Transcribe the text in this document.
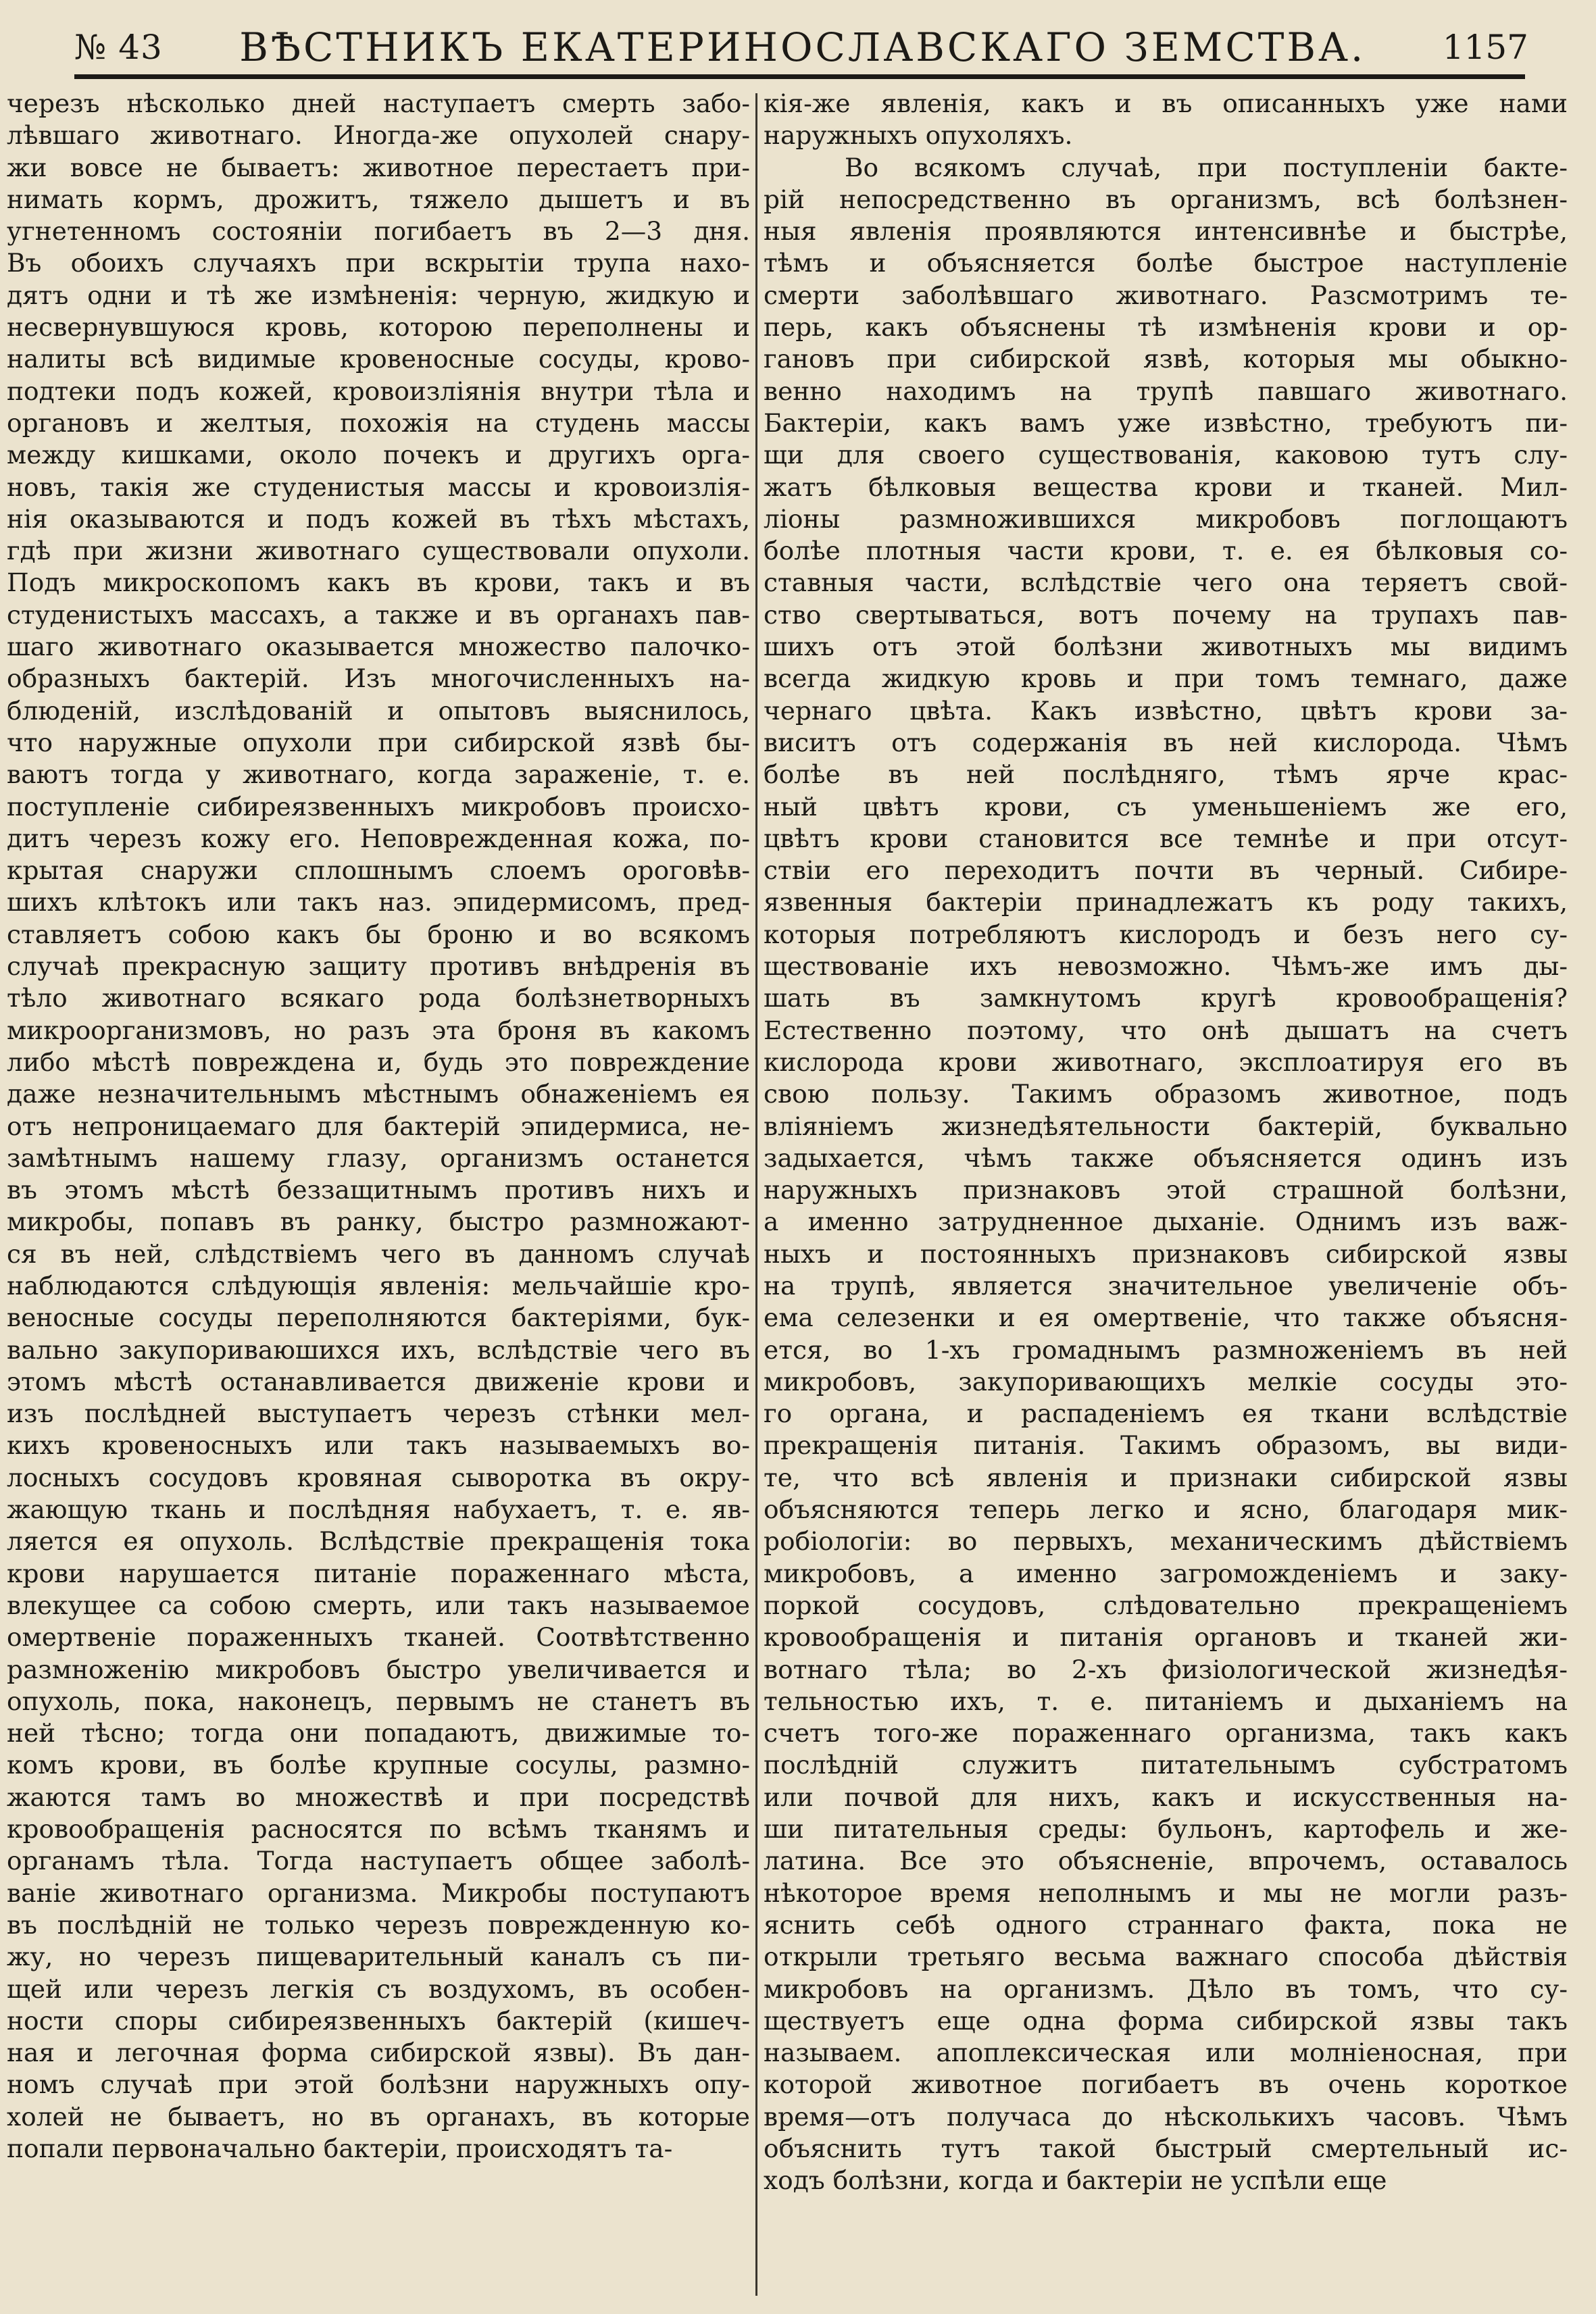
№ 43 ВѢСТНИКЪ ЕКАТЕРИНОСЛАВСКАГО ЗЕМСТВА. 1157
черезъ нѣсколько дней наступаетъ смерть забо-
лѣвшаго животнаго. Иногда-же опухолей снару-
жи вовсе не бываетъ: животное перестаетъ при-
нимать кормъ, дрожитъ, тяжело дышетъ и въ
угнетенномъ состояніи погибаетъ въ 2—3 дня.
Въ обоихъ случаяхъ при вскрытіи трупа нахо-
дятъ одни и тѣ же измѣненія: черную, жидкую и
несвернувшуюся кровь, которою переполнены и
налиты всѣ видимые кровеносные сосуды, крово-
подтеки подъ кожей, кровоизліянія внутри тѣла и
органовъ и желтыя, похожія на студень массы
между кишками, около почекъ и другихъ орга-
новъ, такія же студенистыя массы и кровоизлія-
нія оказываются и подъ кожей въ тѣхъ мѣстахъ,
гдѣ при жизни животнаго существовали опухоли.
Подъ микроскопомъ какъ въ крови, такъ и въ
студенистыхъ массахъ, а также и въ органахъ пав-
шаго животнаго оказывается множество палочко-
образныхъ бактерій. Изъ многочисленныхъ на-
блюденій, изслѣдованій и опытовъ выяснилось,
что наружные опухоли при сибирской язвѣ бы-
ваютъ тогда у животнаго, когда зараженіе, т. е.
поступленіе сибиреязвенныхъ микробовъ происхо-
дитъ черезъ кожу его. Неповрежденная кожа, по-
крытая снаружи сплошнымъ слоемъ ороговѣв-
шихъ клѣтокъ или такъ наз. эпидермисомъ, пред-
ставляетъ собою какъ бы броню и во всякомъ
случаѣ прекрасную защиту противъ внѣдренія въ
тѣло животнаго всякаго рода болѣзнетворныхъ
микроорганизмовъ, но разъ эта броня въ какомъ
либо мѣстѣ повреждена и, будь это повреждение
даже незначительнымъ мѣстнымъ обнаженіемъ ея
отъ непроницаемаго для бактерій эпидермиса, не-
замѣтнымъ нашему глазу, организмъ останется
въ этомъ мѣстѣ беззащитнымъ противъ нихъ и
микробы, попавъ въ ранку, быстро размножают-
ся въ ней, слѣдствіемъ чего въ данномъ случаѣ
наблюдаются слѣдующія явленія: мельчайшіе кро-
веносные сосуды переполняются бактеріями, бук-
вально закупориваюшихся ихъ, вслѣдствіе чего въ
этомъ мѣстѣ останавливается движеніе крови и
изъ послѣдней выступаетъ черезъ стѣнки мел-
кихъ кровеносныхъ или такъ называемыхъ во-
лосныхъ сосудовъ кровяная сыворотка въ окру-
жающую ткань и послѣдняя набухаетъ, т. е. яв-
ляется ея опухоль. Вслѣдствіе прекращенія тока
крови нарушается питаніе пораженнаго мѣста,
влекущее са собою смерть, или такъ называемое
омертвеніе пораженныхъ тканей. Соотвѣтственно
размноженію микробовъ быстро увеличивается и
опухоль, пока, наконецъ, первымъ не станетъ въ
ней тѣсно; тогда они попадаютъ, движимые то-
комъ крови, въ болѣе крупные сосулы, размно-
жаются тамъ во множествѣ и при посредствѣ
кровообращенія расносятся по всѣмъ тканямъ и
органамъ тѣла. Тогда наступаетъ общее заболѣ-
ваніе животнаго организма. Микробы поступаютъ
въ послѣдній не только черезъ поврежденную ко-
жу, но черезъ пищеварительный каналъ съ пи-
щей или черезъ легкія съ воздухомъ, въ особен-
ности споры сибиреязвенныхъ бактерій (кишеч-
ная и легочная форма сибирской язвы). Въ дан-
номъ случаѣ при этой болѣзни наружныхъ опу-
холей не бываетъ, но въ органахъ, въ которые
попали первоначально бактеріи, происходятъ та-
кія-же явленія, какъ и въ описанныхъ уже нами
наружныхъ опухоляхъ.
Во всякомъ случаѣ, при поступленіи бакте-
рій непосредственно въ организмъ, всѣ болѣзнен-
ныя явленія проявляются интенсивнѣе и быстрѣе,
тѣмъ и объясняется болѣе быстрое наступленіе
смерти заболѣвшаго животнаго. Разсмотримъ те-
перь, какъ объяснены тѣ измѣненія крови и ор-
гановъ при сибирской язвѣ, которыя мы обыкно-
венно находимъ на трупѣ павшаго животнаго.
Бактеріи, какъ вамъ уже извѣстно, требуютъ пи-
щи для своего существованія, каковою тутъ слу-
жатъ бѣлковыя вещества крови и тканей. Мил-
ліоны размножившихся микробовъ поглощаютъ
болѣе плотныя части крови, т. е. ея бѣлковыя со-
ставныя части, вслѣдствіе чего она теряетъ свой-
ство свертываться, вотъ почему на трупахъ пав-
шихъ отъ этой болѣзни животныхъ мы видимъ
всегда жидкую кровь и при томъ темнаго, даже
чернаго цвѣта. Какъ извѣстно, цвѣтъ крови за-
виситъ отъ содержанія въ ней кислорода. Чѣмъ
болѣе въ ней послѣдняго, тѣмъ ярче крас-
ный цвѣтъ крови, съ уменьшеніемъ же его,
цвѣтъ крови становится все темнѣе и при отсут-
ствіи его переходитъ почти въ черный. Сибире-
язвенныя бактеріи принадлежатъ къ роду такихъ,
которыя потребляютъ кислородъ и безъ него су-
ществованіе ихъ невозможно. Чѣмъ-же имъ ды-
шать въ замкнутомъ кругѣ кровообращенія?
Естественно поэтому, что онѣ дышатъ на счетъ
кислорода крови животнаго, эксплоатируя его въ
свою пользу. Такимъ образомъ животное, подъ
вліяніемъ жизнедѣятельности бактерій, буквально
задыхается, чѣмъ также объясняется одинъ изъ
наружныхъ признаковъ этой страшной болѣзни,
а именно затрудненное дыханіе. Однимъ изъ важ-
ныхъ и постоянныхъ признаковъ сибирской язвы
на трупѣ, является значительное увеличеніе объ-
ема селезенки и ея омертвеніе, что также объясня-
ется, во 1-хъ громаднымъ размноженіемъ въ ней
микробовъ, закупоривающихъ мелкіе сосуды это-
го органа, и распаденіемъ ея ткани вслѣдствіе
прекращенія питанія. Такимъ образомъ, вы види-
те, что всѣ явленія и признаки сибирской язвы
объясняются теперь легко и ясно, благодаря мик-
робіологіи: во первыхъ, механическимъ дѣйствіемъ
микробовъ, а именно загроможденіемъ и заку-
поркой сосудовъ, слѣдовательно прекращеніемъ
кровообращенія и питанія органовъ и тканей жи-
вотнаго тѣла; во 2-хъ физіологической жизнедѣя-
тельностью ихъ, т. е. питаніемъ и дыханіемъ на
счетъ того-же пораженнаго организма, такъ какъ
послѣдній служитъ питательнымъ субстратомъ
или почвой для нихъ, какъ и искусственныя на-
ши питательныя среды: бульонъ, картофель и же-
латина. Все это объясненіе, впрочемъ, оставалось
нѣкоторое время неполнымъ и мы не могли разъ-
яснить себѣ одного страннаго факта, пока не
открыли третьяго весьма важнаго способа дѣйствія
микробовъ на организмъ. Дѣло въ томъ, что су-
ществуетъ еще одна форма сибирской язвы такъ
называем. апоплексическая или молніеносная, при
которой животное погибаетъ въ очень короткое
время—отъ получаса до нѣсколькихъ часовъ. Чѣмъ
объяснить тутъ такой быстрый смертельный ис-
ходъ болѣзни, когда и бактеріи не успѣли еще
